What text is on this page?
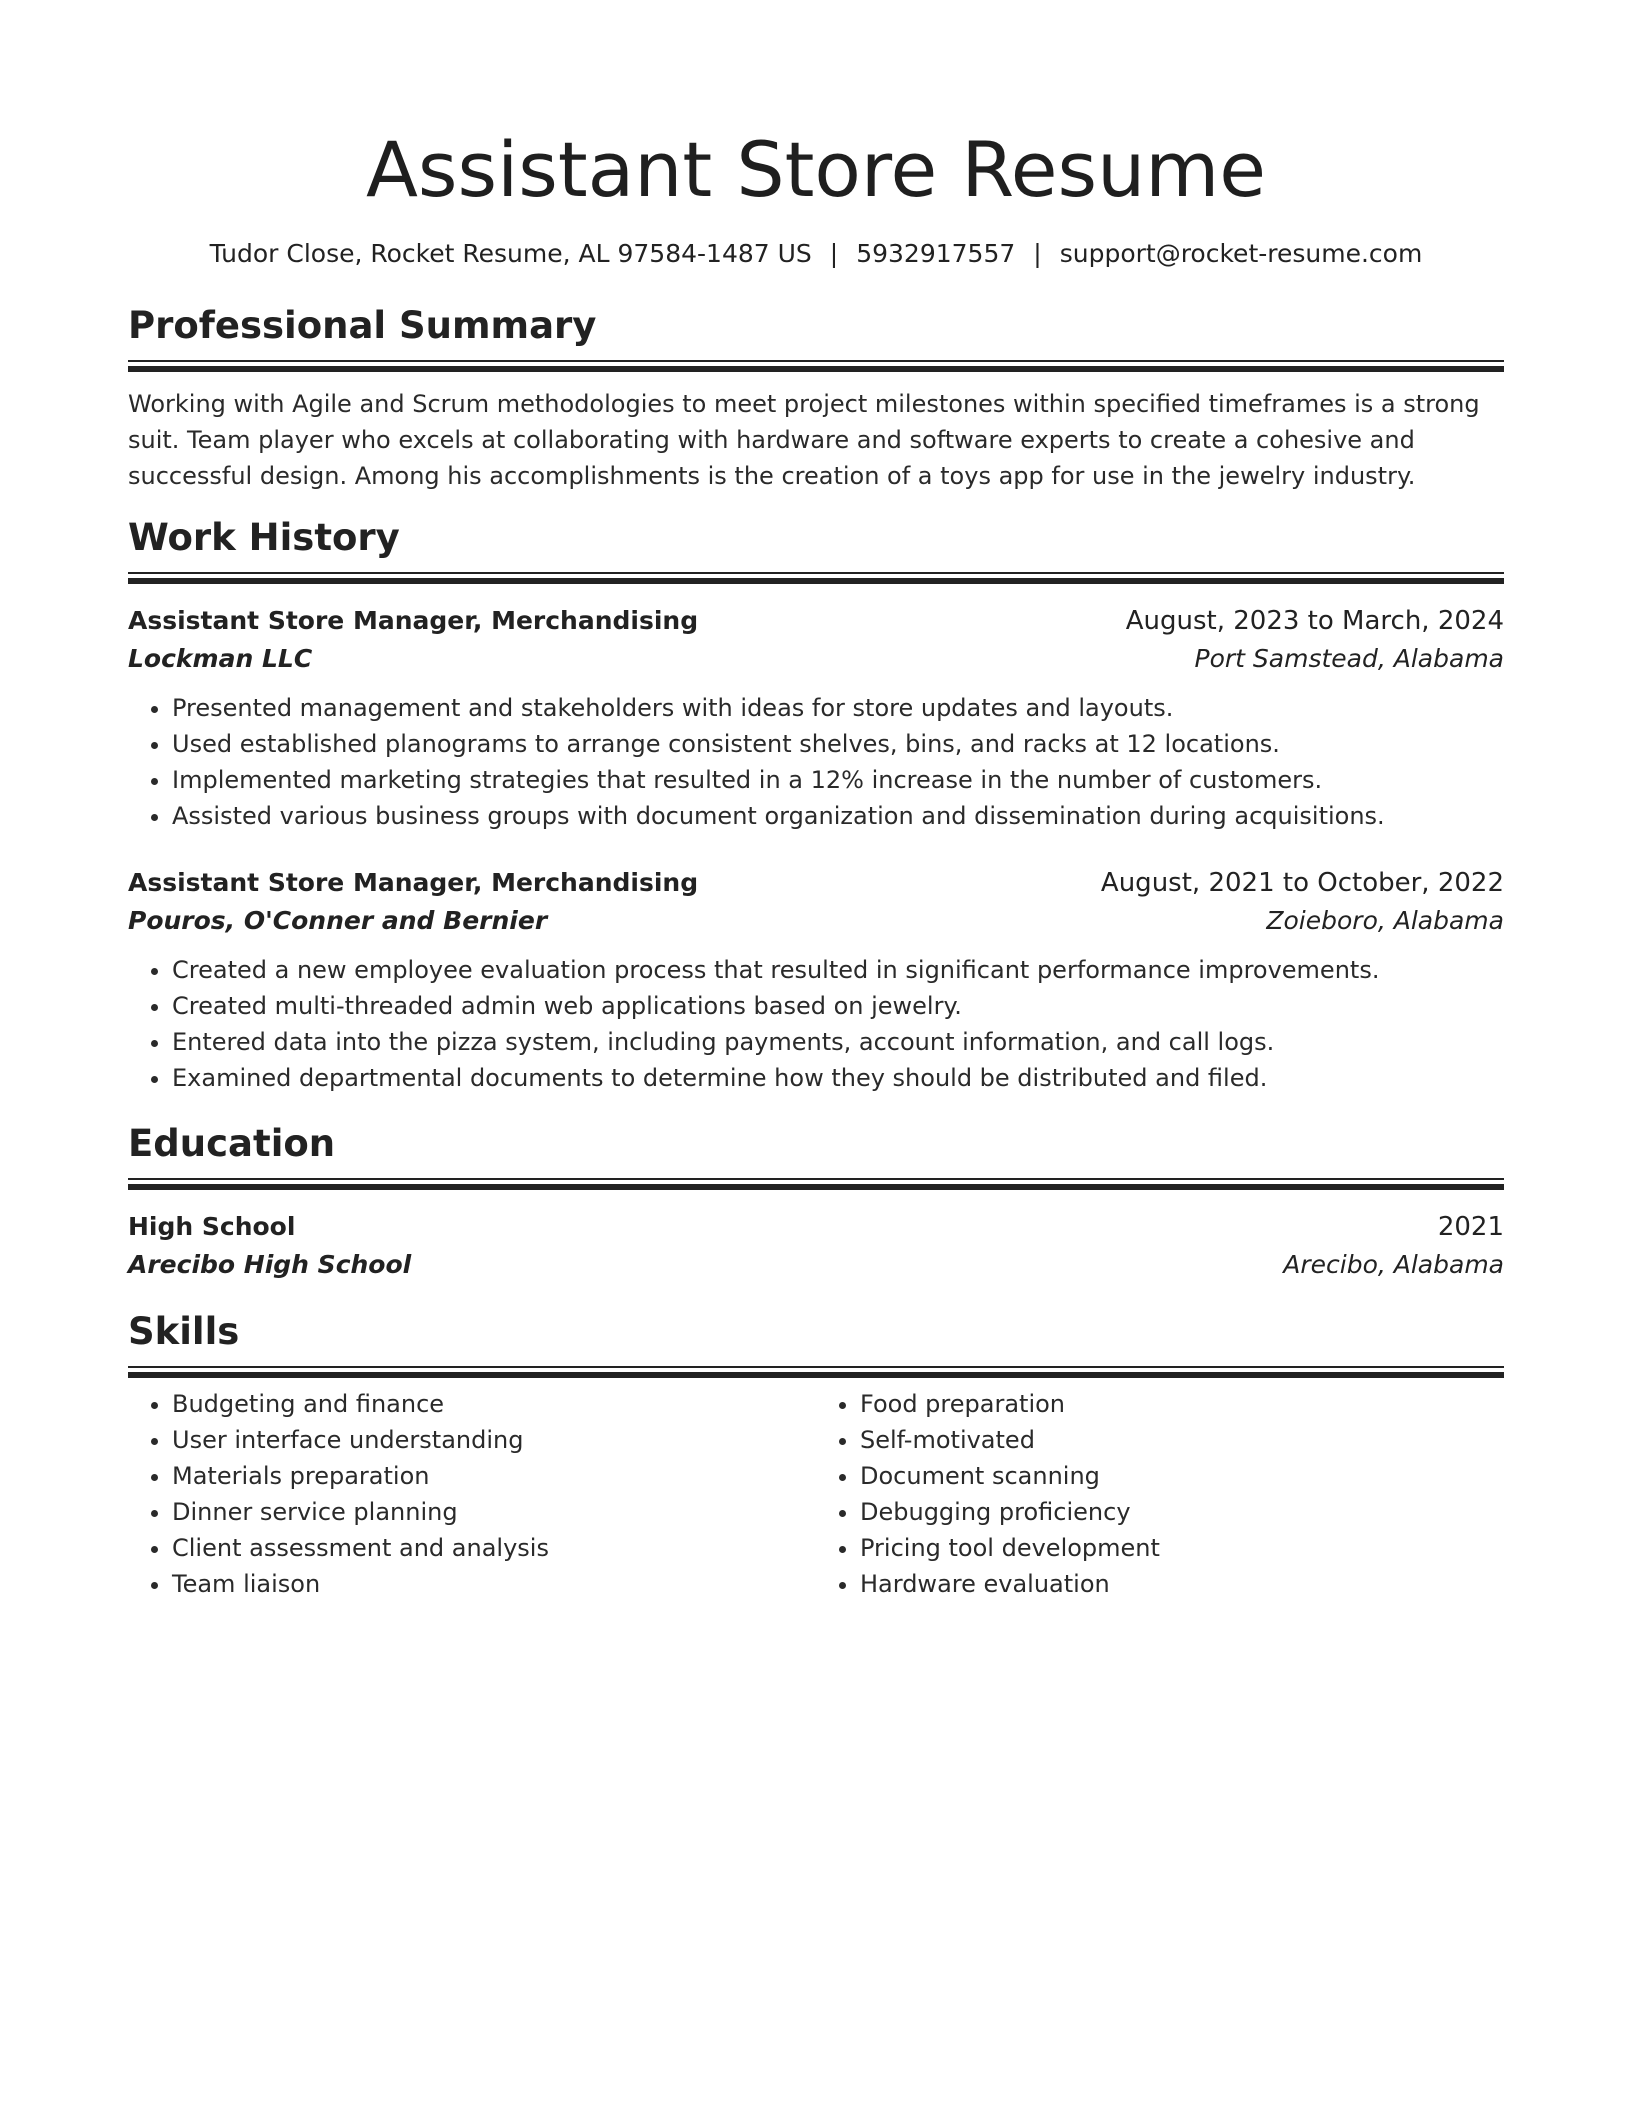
Assistant Store Resume
Tudor Close, Rocket Resume, AL 97584-1487 US | 5932917557 | support@rocket-resume.com
Professional Summary
Working with Agile and Scrum methodologies to meet project milestones within specified timeframes is a strong suit. Team player who excels at collaborating with hardware and software experts to create a cohesive and successful design. Among his accomplishments is the creation of a toys app for use in the jewelry industry.
Work History
Assistant Store Manager, Merchandising	August, 2023 to March, 2024
Lockman LLC	Port Samstead, Alabama
• Presented management and stakeholders with ideas for store updates and layouts.
• Used established planograms to arrange consistent shelves, bins, and racks at 12 locations.
• Implemented marketing strategies that resulted in a 12% increase in the number of customers.
• Assisted various business groups with document organization and dissemination during acquisitions.
Assistant Store Manager, Merchandising	August, 2021 to October, 2022
Pouros, O'Conner and Bernier	Zoieboro, Alabama
• Created a new employee evaluation process that resulted in significant performance improvements.
• Created multi-threaded admin web applications based on jewelry.
• Entered data into the pizza system, including payments, account information, and call logs.
• Examined departmental documents to determine how they should be distributed and filed.
Education
High School	2021
Arecibo High School	Arecibo, Alabama
Skills
• Budgeting and finance
• User interface understanding
• Materials preparation
• Dinner service planning
• Client assessment and analysis
• Team liaison
• Food preparation
• Self-motivated
• Document scanning
• Debugging proficiency
• Pricing tool development
• Hardware evaluation
